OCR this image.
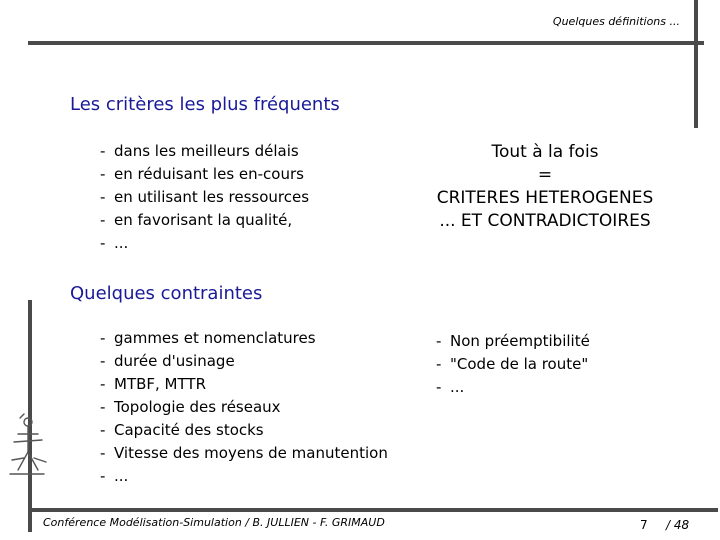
Quelques définitions ...
Les critères les plus fréquents
- dans les meilleurs délais
- en réduisant les en-cours
- en utilisant les ressources
- en favorisant la qualité,
- ...
Tout à la fois
=
CRITERES HETEROGENES
... ET CONTRADICTOIRES
Quelques contraintes
- gammes et nomenclatures
- durée d'usinage
- MTBF, MTTR
- Topologie des réseaux
- Capacité des stocks
- Vitesse des moyens de manutention
- ...
- Non préemptibilité
- "Code de la route"
- ...
Conférence Modélisation-Simulation / B. JULLIEN - F. GRIMAUD	7 / 48
